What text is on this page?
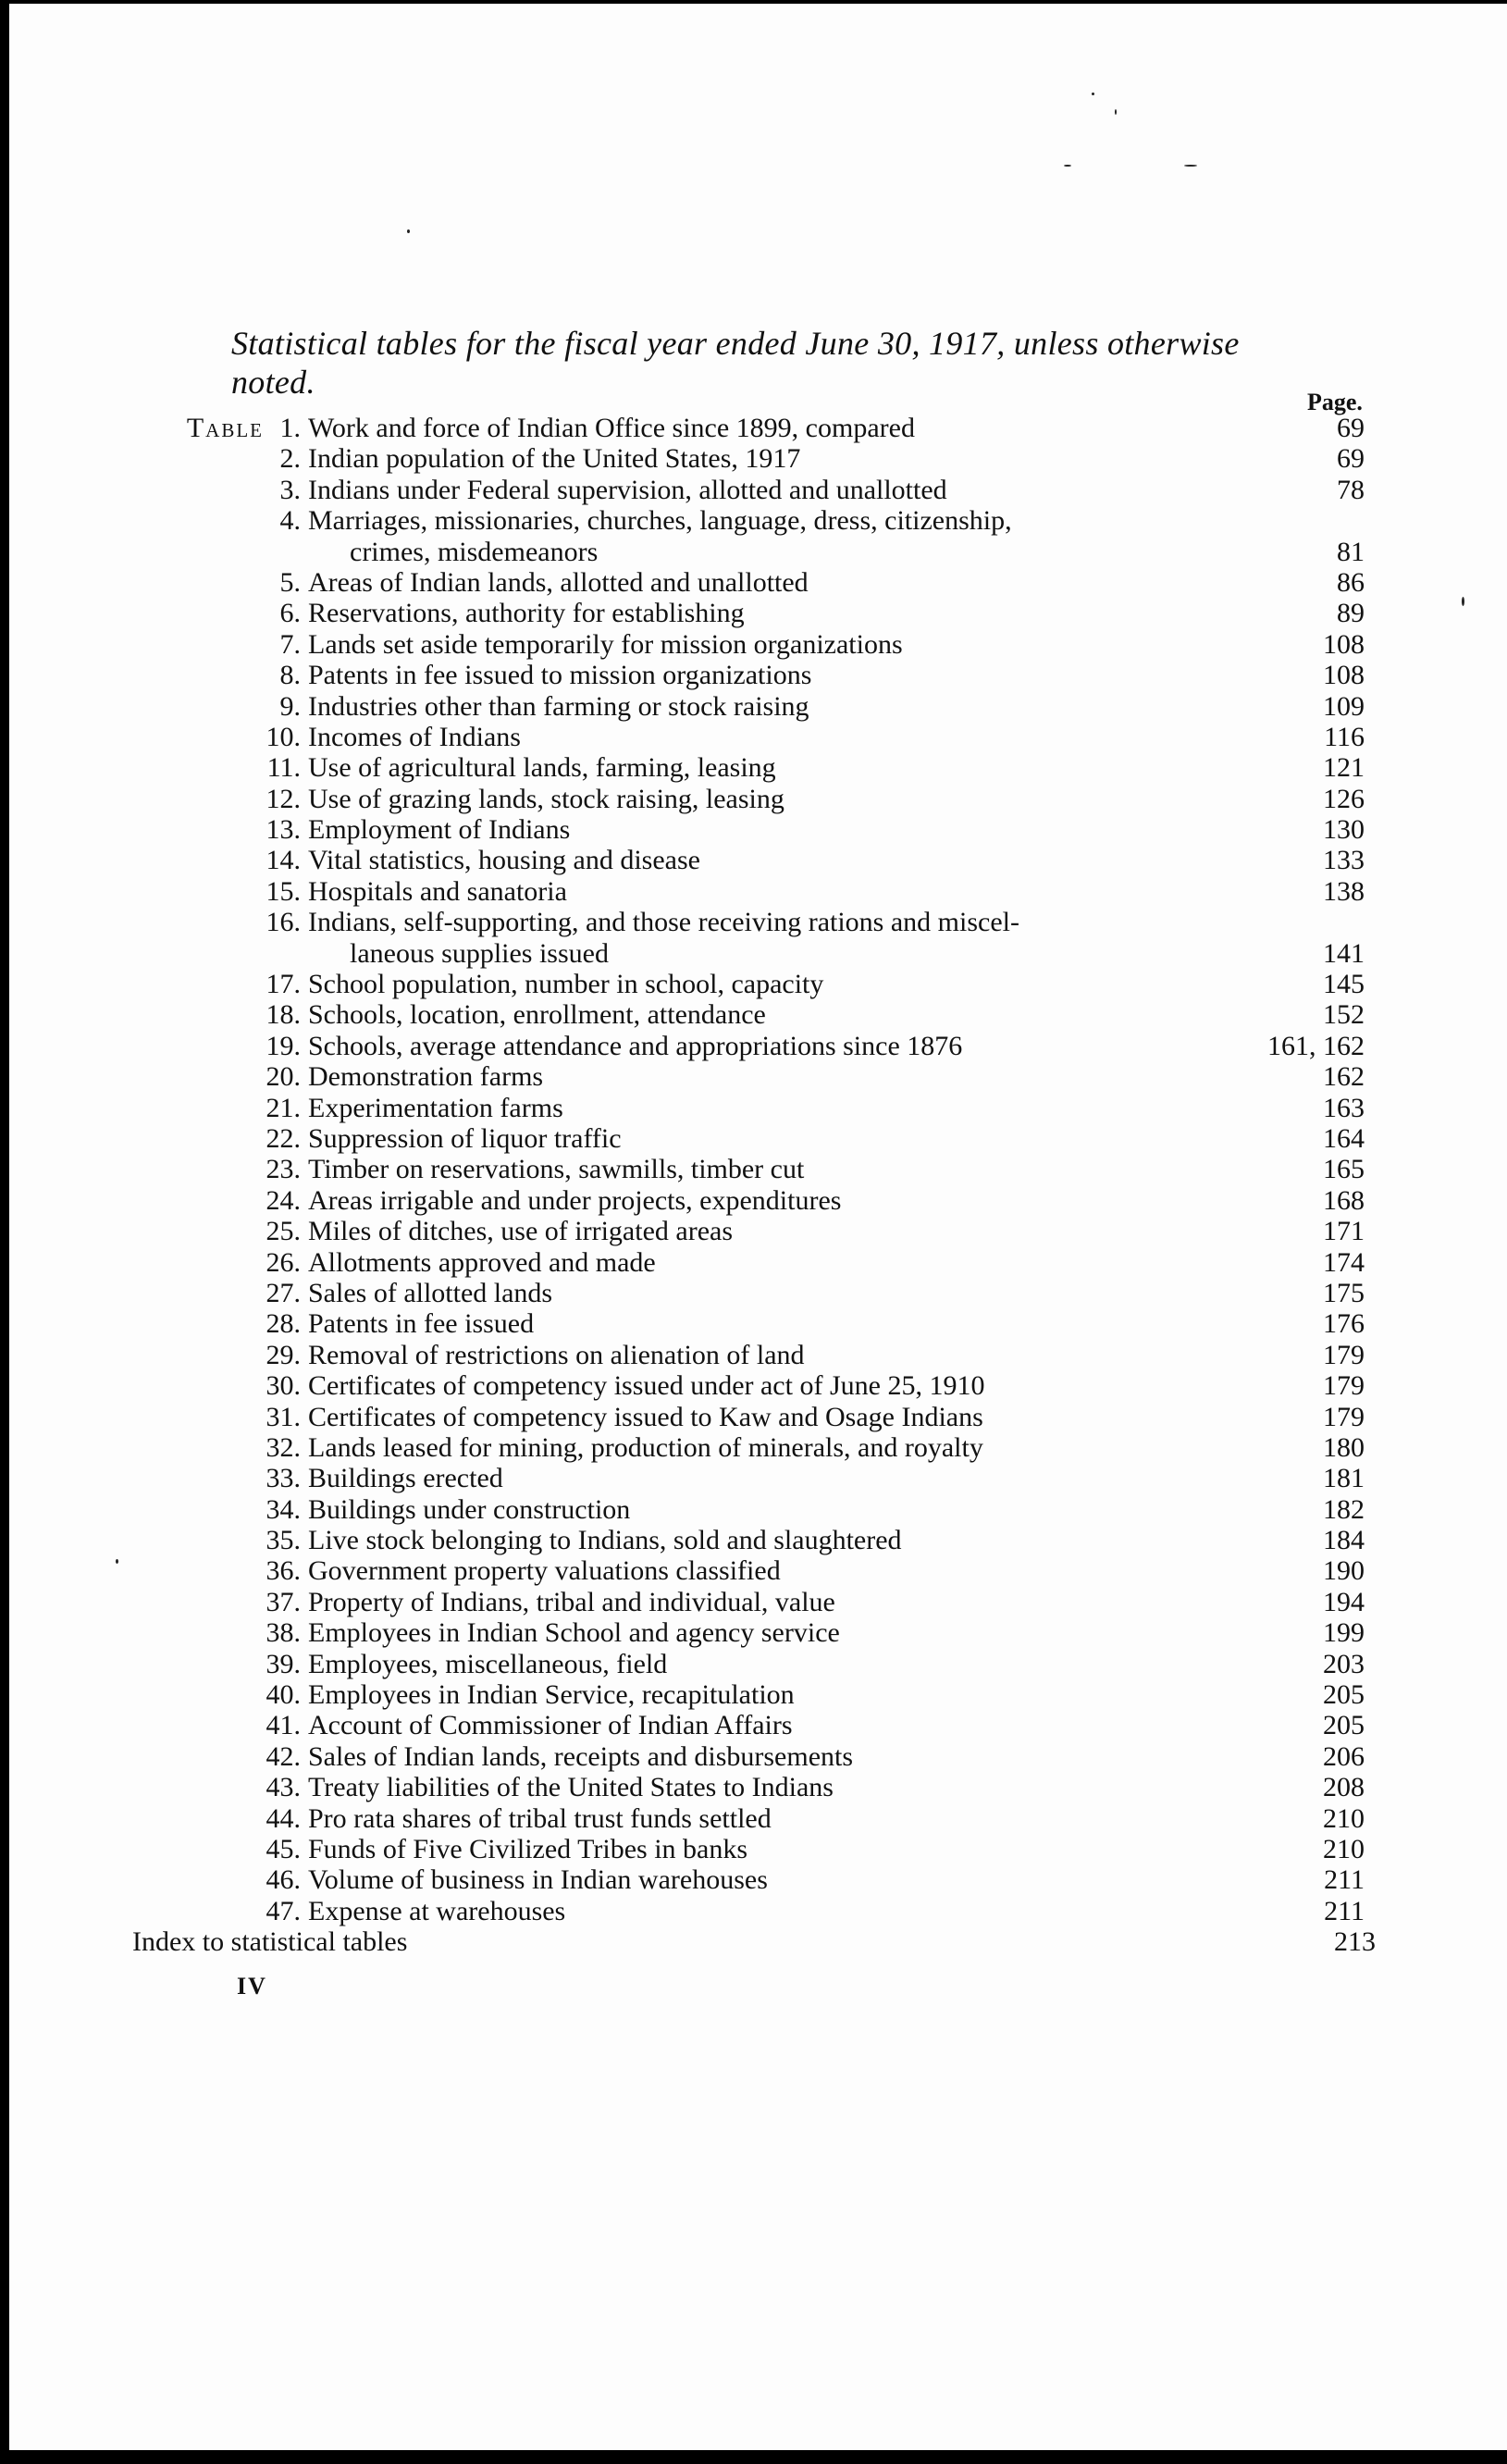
Statistical tables for the fiscal year ended June 30, 1917, unless otherwise noted.
Page.
Table 1. Work and force of Indian Office since 1899, compared	69
2. Indian population of the United States, 1917	69
3. Indians under Federal supervision, allotted and unallotted	78
4. Marriages, missionaries, churches, language, dress, citizenship,
crimes, misdemeanors	81
5. Areas of Indian lands, allotted and unallotted	86
6. Reservations, authority for establishing	89
7. Lands set aside temporarily for mission organizations	108
8. Patents in fee issued to mission organizations	108
9. Industries other than farming or stock raising	109
10. Incomes of Indians	116
11. Use of agricultural lands, farming, leasing	121
12. Use of grazing lands, stock raising, leasing	126
13. Employment of Indians	130
14. Vital statistics, housing and disease	133
15. Hospitals and sanatoria	138
16. Indians, self-supporting, and those receiving rations and miscel-
laneous supplies issued	141
17. School population, number in school, capacity	145
18. Schools, location, enrollment, attendance	152
19. Schools, average attendance and appropriations since 1876	161, 162
20. Demonstration farms	162
21. Experimentation farms	163
22. Suppression of liquor traffic	164
23. Timber on reservations, sawmills, timber cut	165
24. Areas irrigable and under projects, expenditures	168
25. Miles of ditches, use of irrigated areas	171
26. Allotments approved and made	174
27. Sales of allotted lands	175
28. Patents in fee issued	176
29. Removal of restrictions on alienation of land	179
30. Certificates of competency issued under act of June 25, 1910	179
31. Certificates of competency issued to Kaw and Osage Indians	179
32. Lands leased for mining, production of minerals, and royalty	180
33. Buildings erected	181
34. Buildings under construction	182
35. Live stock belonging to Indians, sold and slaughtered	184
36. Government property valuations classified	190
37. Property of Indians, tribal and individual, value	194
38. Employees in Indian School and agency service	199
39. Employees, miscellaneous, field	203
40. Employees in Indian Service, recapitulation	205
41. Account of Commissioner of Indian Affairs	205
42. Sales of Indian lands, receipts and disbursements	206
43. Treaty liabilities of the United States to Indians	208
44. Pro rata shares of tribal trust funds settled	210
45. Funds of Five Civilized Tribes in banks	210
46. Volume of business in Indian warehouses	211
47. Expense at warehouses	211
Index to statistical tables	213
IV
